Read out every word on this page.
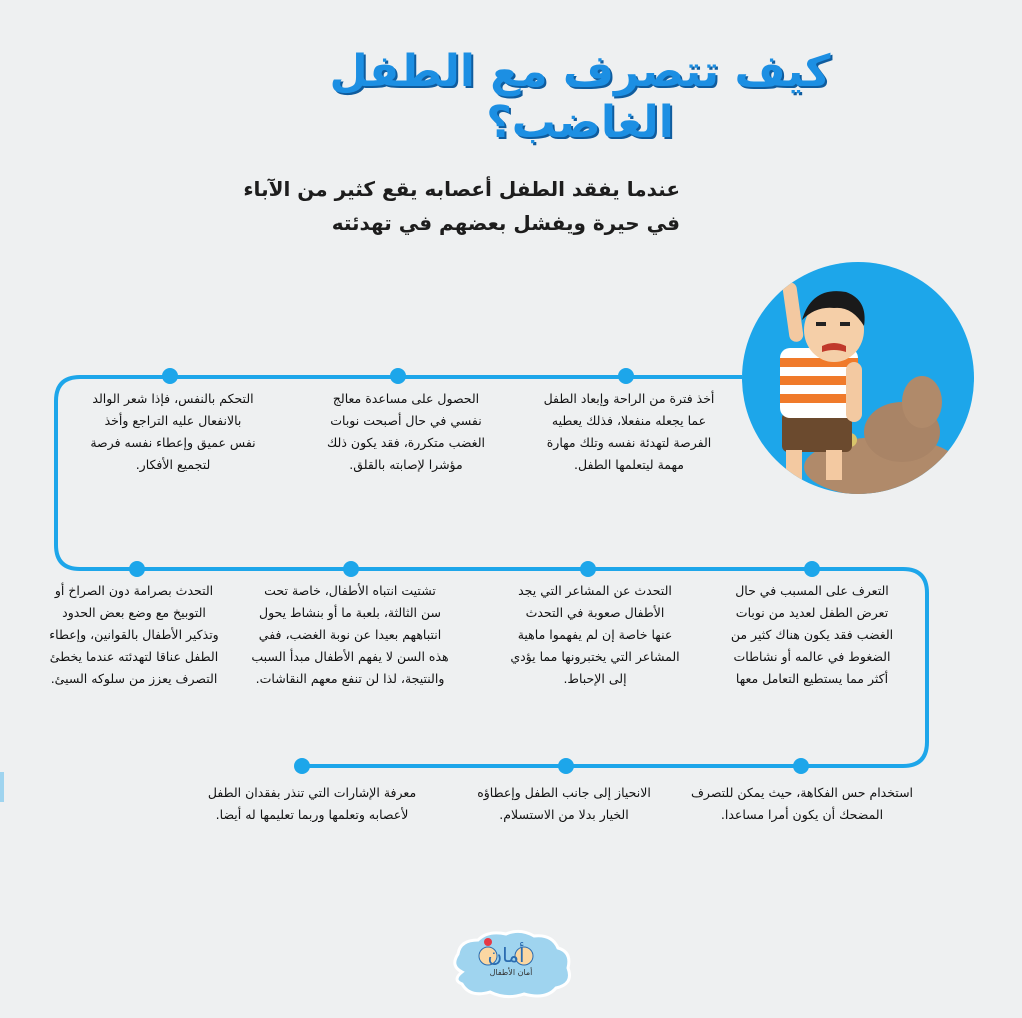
كيف تتصرف مع الطفل الغاضب؟
عندما يفقد الطفل أعصابه يقع كثير من الآباء
في حيرة ويفشل بعضهم في تهدئته
أخذ فترة من الراحة وإبعاد الطفل
عما يجعله منفعلا، فذلك يعطيه
الفرصة لتهدئة نفسه وتلك مهارة
مهمة ليتعلمها الطفل.
الحصول على مساعدة معالج
نفسي في حال أصبحت نوبات
الغضب متكررة، فقد يكون ذلك
مؤشرا لإصابته بالقلق.
التحكم بالنفس، فإذا شعر الوالد
بالانفعال عليه التراجع وأخذ
نفس عميق وإعطاء نفسه فرصة
لتجميع الأفكار.
التعرف على المسبب في حال
تعرض الطفل لعديد من نوبات
الغضب فقد يكون هناك كثير من
الضغوط في عالمه أو نشاطات
أكثر مما يستطيع التعامل معها
التحدث عن المشاعر التي يجد
الأطفال صعوبة في التحدث
عنها خاصة إن لم يفهموا ماهية
المشاعر التي يختبرونها مما يؤدي
إلى الإحباط.
تشتيت انتباه الأطفال، خاصة تحت
سن الثالثة، بلعبة ما أو بنشاط يحول
انتباههم بعيدا عن نوبة الغضب، ففي
هذه السن لا يفهم الأطفال مبدأ السبب
والنتيجة، لذا لن تنفع معهم النقاشات.
التحدث بصرامة دون الصراخ أو
التوبيخ مع وضع بعض الحدود
وتذكير الأطفال بالقوانين، وإعطاء
الطفل عناقا لتهدئته عندما يخطئ
التصرف يعزز من سلوكه السيئ.
استخدام حس الفكاهة، حيث يمكن للتصرف
المضحك أن يكون أمرا مساعدا.
الانحياز إلى جانب الطفل وإعطاؤه
الخيار بدلا من الاستسلام.
معرفة الإشارات التي تنذر بفقدان الطفل
لأعصابه وتعلمها وربما تعليمها له أيضا.
أمان
أمان الأطفال
